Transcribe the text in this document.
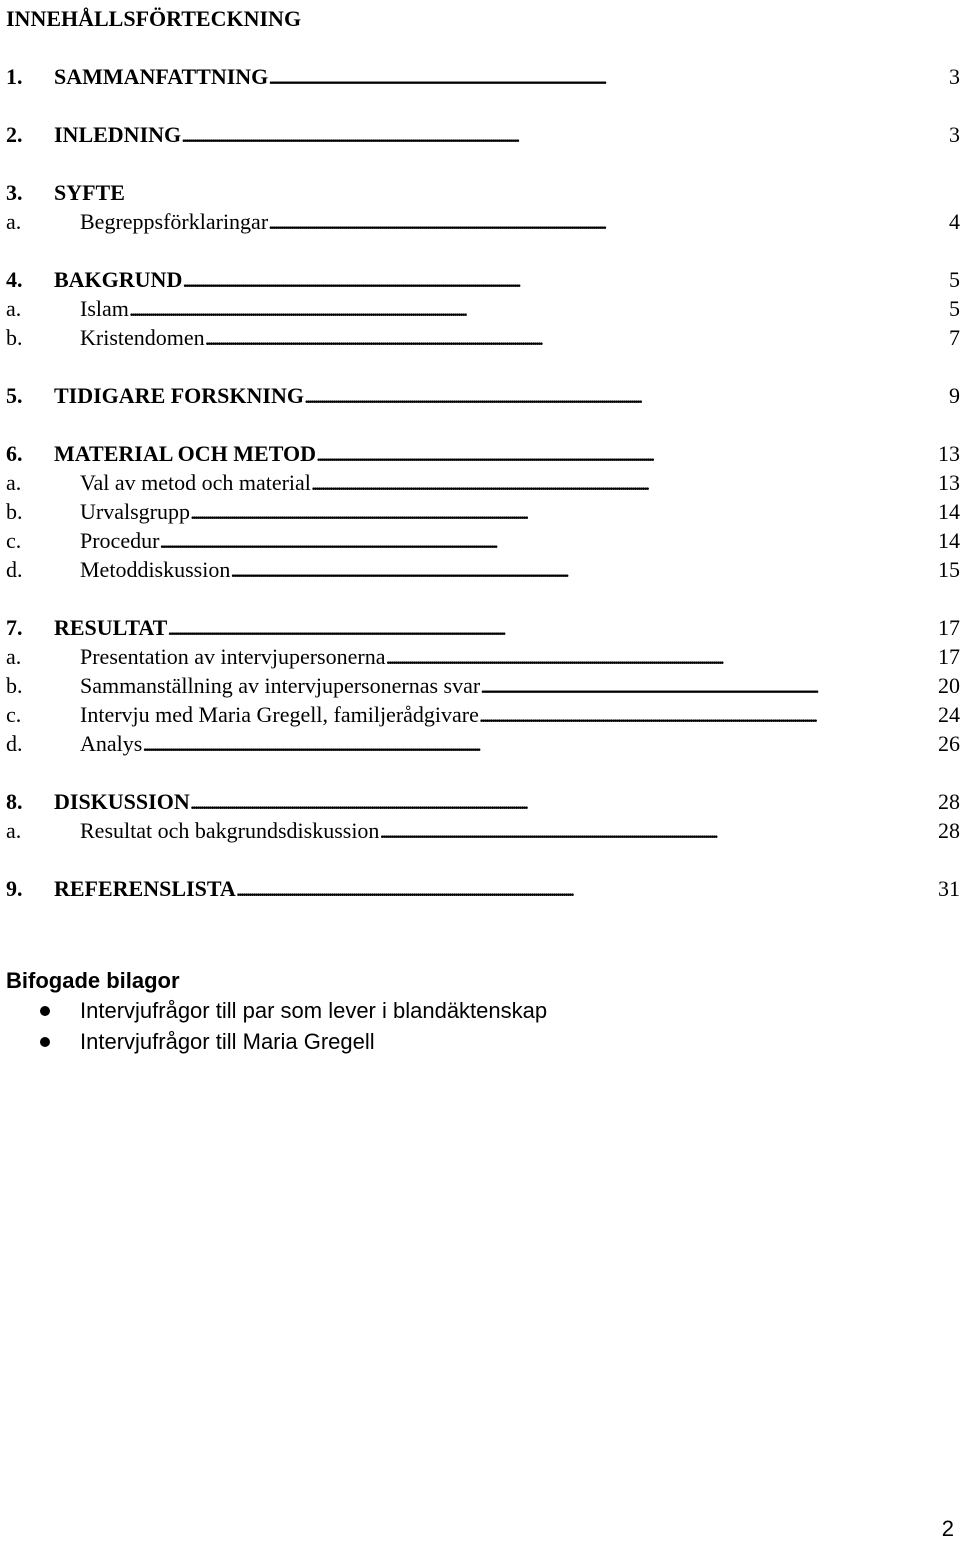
INNEHÅLLSFÖRTECKNING
1. SAMMANFATTNING . . .	3
2. INLEDNING . . .	3
3. SYFTE
a.	Begreppsförklaringar . . .	4
4. BAKGRUND . . .	5
a.	Islam . . .	5
b.	Kristendomen . . .	7
5. TIDIGARE FORSKNING . . .	9
6. MATERIAL OCH METOD . . .	13
a.	Val av metod och material . . .	13
b.	Urvalsgrupp . . .	14
c.	Procedur . . .	14
d.	Metoddiskussion . . .	15
7. RESULTAT . . .	17
a.	Presentation av intervjupersonerna . . .	17
b.	Sammanställning av intervjupersonernas svar . . .	20
c.	Intervju med Maria Gregell, familjerådgivare . . .	24
d.	Analys . . .	26
8. DISKUSSION . . .	28
a.	Resultat och bakgrundsdiskussion . . .	28
9. REFERENSLISTA . . .	31
Bifogade bilagor
Intervjufrågor till par som lever i blandäktenskap
Intervjufrågor till Maria Gregell
2
